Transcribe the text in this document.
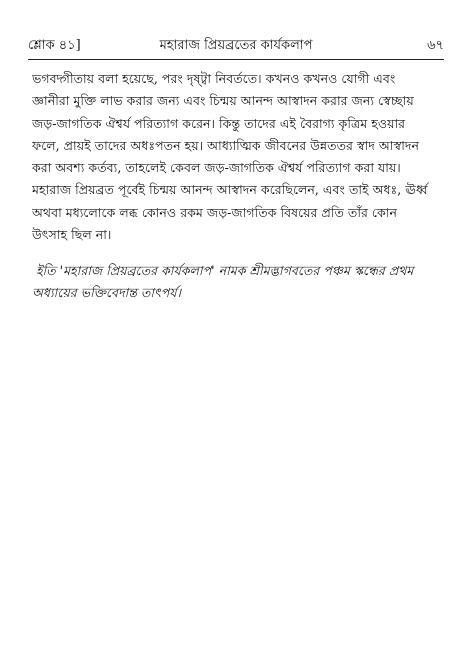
শ্লোক ৪১]	মহারাজ প্রিয়ব্রতের কার্যকলাপ	৬৭
ভগবদ্গীতায় বলা হয়েছে, পরং দৃষ্ট্বা নিবর্ততে। কখনও কখনও যোগী এবং
জ্ঞানীরা মুক্তি লাভ করার জন্য এবং চিন্ময় আনন্দ আস্বাদন করার জন্য স্বেচ্ছায়
জড়-জাগতিক ঐশ্বর্য পরিত্যাগ করেন। কিন্তু তাদের এই বৈরাগ্য কৃত্রিম হওয়ার
ফলে, প্রায়ই তাদের অধঃপতন হয়। আধ্যাত্মিক জীবনের উন্নততর স্বাদ আস্বাদন
করা অবশ্য কর্তব্য, তাহলেই কেবল জড়-জাগতিক ঐশ্বর্য পরিত্যাগ করা যায়।
মহারাজ প্রিয়ব্রত পূর্বেই চিন্ময় আনন্দ আস্বাদন করেছিলেন, এবং তাই অধঃ, ঊর্ধ্ব
অথবা মধ্যলোকে লব্ধ কোনও রকম জড়-জাগতিক বিষয়ের প্রতি তাঁর কোন
উৎসাহ ছিল না।
ইতি 'মহারাজ প্রিয়ব্রতের কার্যকলাপ' নামক শ্রীমদ্ভাগবতের পঞ্চম স্কন্ধের প্রথম
অধ্যায়ের ভক্তিবেদান্ত তাৎপর্য।
